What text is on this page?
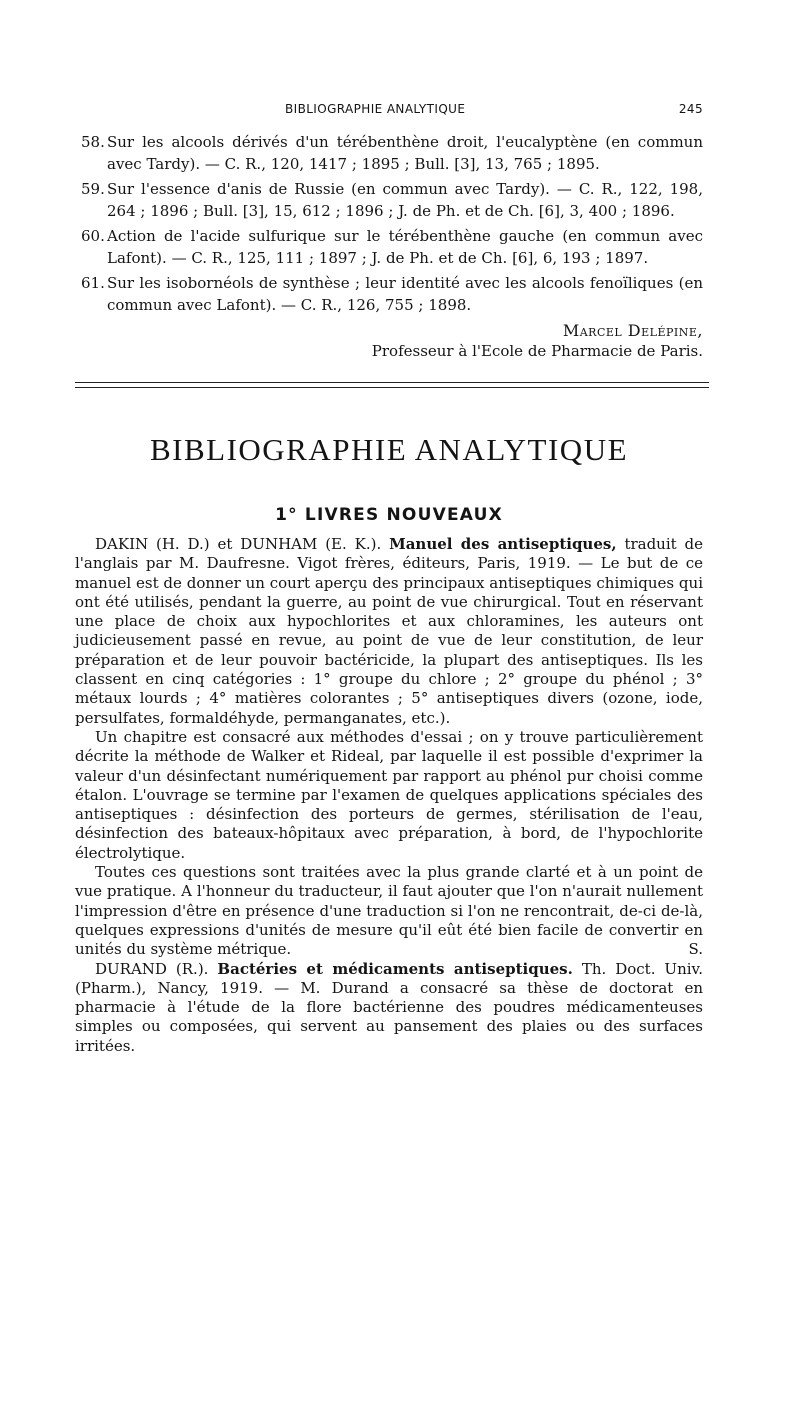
BIBLIOGRAPHIE ANALYTIQUE	245
58. Sur les alcools dérivés d'un térébenthène droit, l'eucalyptène (en commun avec Tardy). — C. R., 120, 1417 ; 1895 ; Bull. [3], 13, 765 ; 1895.
59. Sur l'essence d'anis de Russie (en commun avec Tardy). — C. R., 122, 198, 264 ; 1896 ; Bull. [3], 15, 612 ; 1896 ; J. de Ph. et de Ch. [6], 3, 400 ; 1896.
60. Action de l'acide sulfurique sur le térébenthène gauche (en commun avec Lafont). — C. R., 125, 111 ; 1897 ; J. de Ph. et de Ch. [6], 6, 193 ; 1897.
61. Sur les isobornéols de synthèse ; leur identité avec les alcools fenoïliques (en commun avec Lafont). — C. R., 126, 755 ; 1898.
Marcel Delépine,
Professeur à l'Ecole de Pharmacie de Paris.
BIBLIOGRAPHIE ANALYTIQUE
1° LIVRES NOUVEAUX

DAKIN (H. D.) et DUNHAM (E. K.). Manuel des antiseptiques, traduit de l'anglais par M. Daufresne. Vigot frères, éditeurs, Paris, 1919. — Le but de ce manuel est de donner un court aperçu des principaux antiseptiques chimiques qui ont été utilisés, pendant la guerre, au point de vue chirurgical. Tout en réservant une place de choix aux hypochlorites et aux chloramines, les auteurs ont judicieusement passé en revue, au point de vue de leur constitution, de leur préparation et de leur pouvoir bactéricide, la plupart des antiseptiques. Ils les classent en cinq catégories : 1° groupe du chlore ; 2° groupe du phénol ; 3° métaux lourds ; 4° matières colorantes ; 5° antiseptiques divers (ozone, iode, persulfates, formaldéhyde, permanganates, etc.).

Un chapitre est consacré aux méthodes d'essai ; on y trouve particulièrement décrite la méthode de Walker et Rideal, par laquelle il est possible d'exprimer la valeur d'un désinfectant numériquement par rapport au phénol pur choisi comme étalon. L'ouvrage se termine par l'examen de quelques applications spéciales des antiseptiques : désinfection des porteurs de germes, stérilisation de l'eau, désinfection des bateaux-hôpitaux avec préparation, à bord, de l'hypochlorite électrolytique.

Toutes ces questions sont traitées avec la plus grande clarté et à un point de vue pratique. A l'honneur du traducteur, il faut ajouter que l'on n'aurait nullement l'impression d'être en présence d'une traduction si l'on ne rencontrait, de-ci de-là, quelques expressions d'unités de mesure qu'il eût été bien facile de convertir en unités du système métrique.	S.

DURAND (R.). Bactéries et médicaments antiseptiques. Th. Doct. Univ. (Pharm.), Nancy, 1919. — M. Durand a consacré sa thèse de doctorat en pharmacie à l'étude de la flore bactérienne des poudres médicamenteuses simples ou composées, qui servent au pansement des plaies ou des surfaces irritées.
